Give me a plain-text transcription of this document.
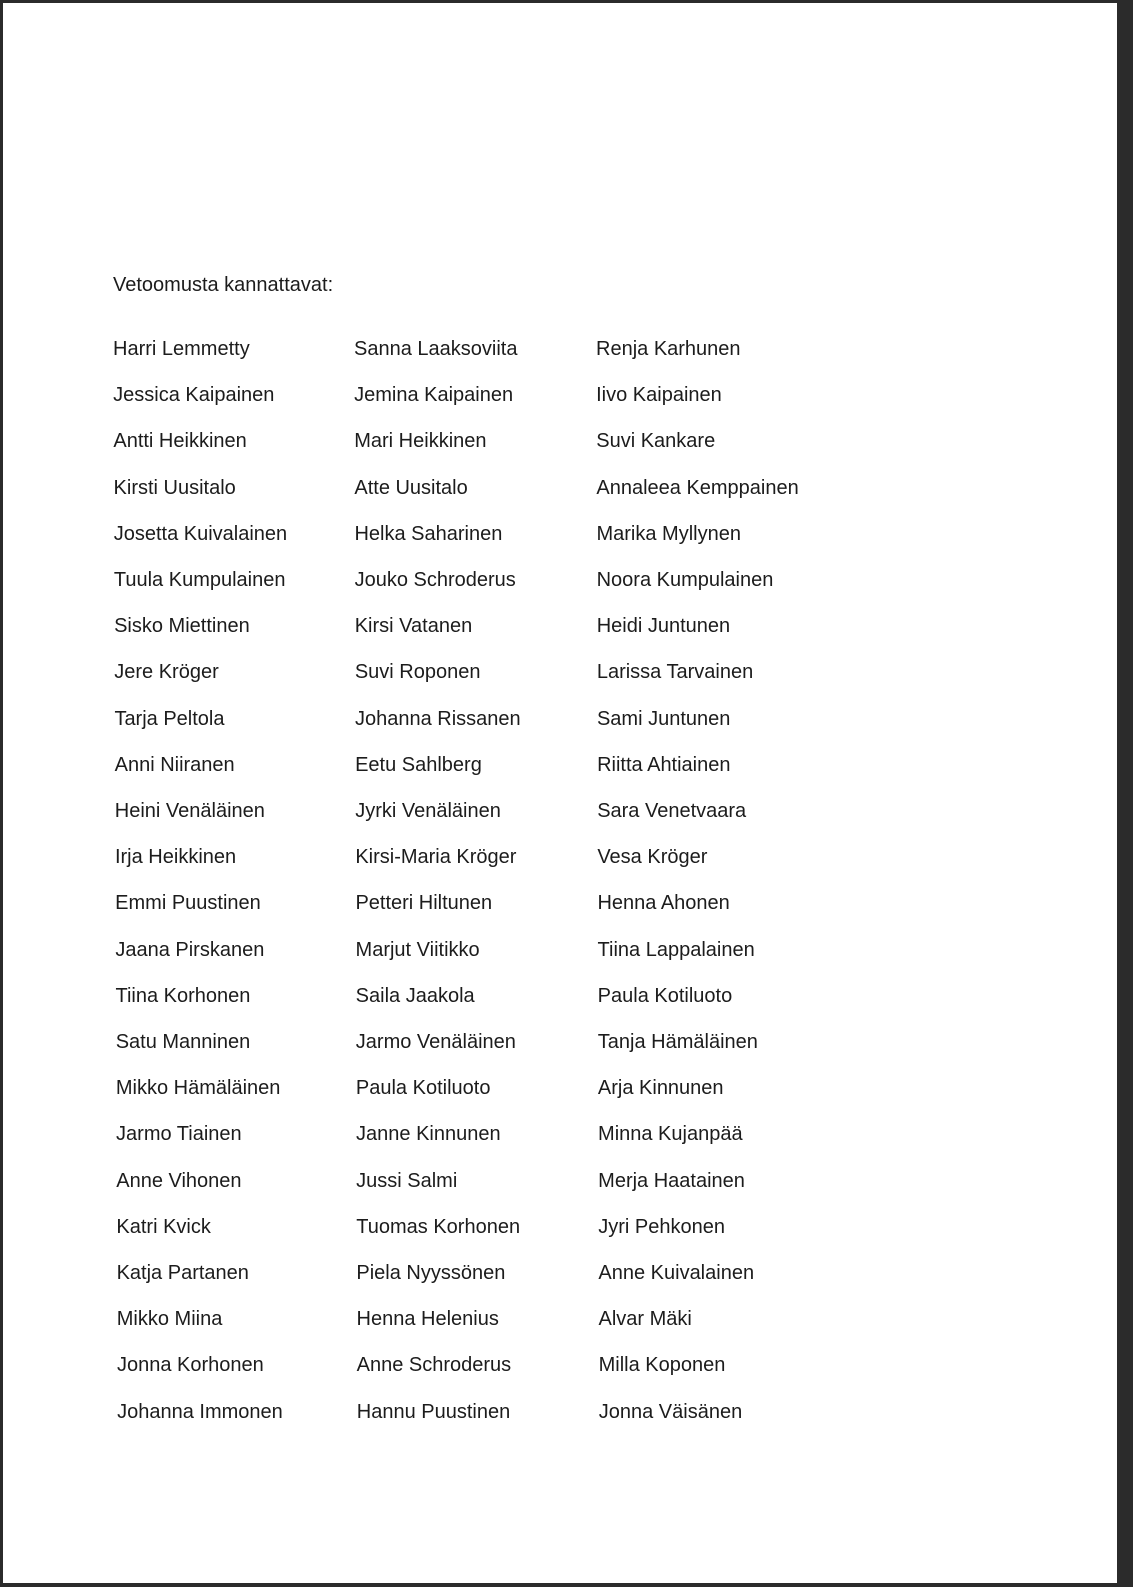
Vetoomusta kannattavat:
Harri Lemmetty
Jessica Kaipainen
Antti Heikkinen
Kirsti Uusitalo
Josetta Kuivalainen
Tuula Kumpulainen
Sisko Miettinen
Jere Kröger
Tarja Peltola
Anni Niiranen
Heini Venäläinen
Irja Heikkinen
Emmi Puustinen
Jaana Pirskanen
Tiina Korhonen
Satu Manninen
Mikko Hämäläinen
Jarmo Tiainen
Anne Vihonen
Katri Kvick
Katja Partanen
Mikko Miina
Jonna Korhonen
Johanna Immonen
Sanna Laaksoviita
Jemina Kaipainen
Mari Heikkinen
Atte Uusitalo
Helka Saharinen
Jouko Schroderus
Kirsi Vatanen
Suvi Roponen
Johanna Rissanen
Eetu Sahlberg
Jyrki Venäläinen
Kirsi-Maria Kröger
Petteri Hiltunen
Marjut Viitikko
Saila Jaakola
Jarmo Venäläinen
Paula Kotiluoto
Janne Kinnunen
Jussi Salmi
Tuomas Korhonen
Piela Nyyssönen
Henna Helenius
Anne Schroderus
Hannu Puustinen
Renja Karhunen
Iivo Kaipainen
Suvi Kankare
Annaleea Kemppainen
Marika Myllynen
Noora Kumpulainen
Heidi Juntunen
Larissa Tarvainen
Sami Juntunen
Riitta Ahtiainen
Sara Venetvaara
Vesa Kröger
Henna Ahonen
Tiina Lappalainen
Paula Kotiluoto
Tanja Hämäläinen
Arja Kinnunen
Minna Kujanpää
Merja Haatainen
Jyri Pehkonen
Anne Kuivalainen
Alvar Mäki
Milla Koponen
Jonna Väisänen
